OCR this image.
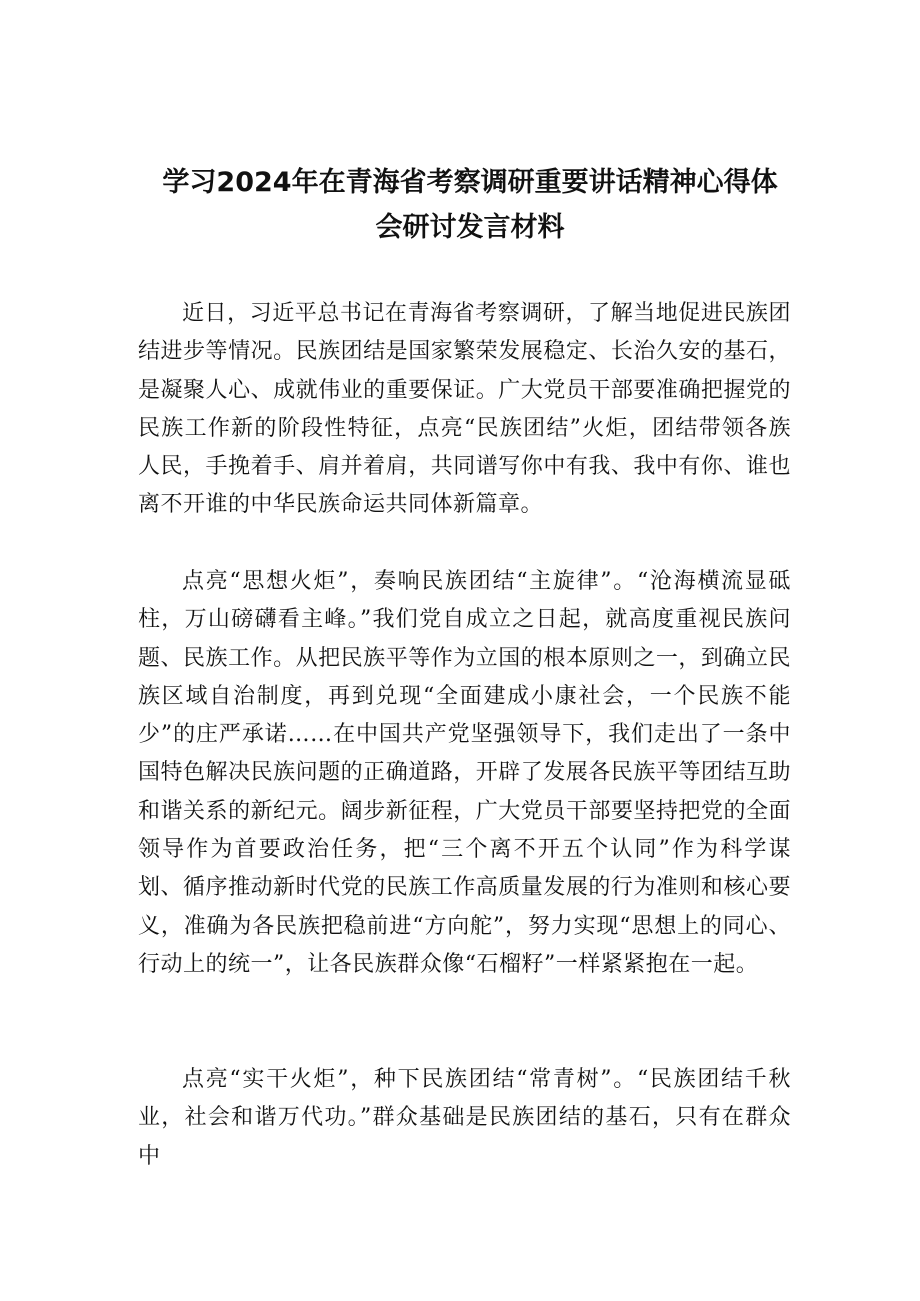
学习2024年在青海省考察调研重要讲话精神心得体会研讨发言材料

近日，习近平总书记在青海省考察调研，了解当地促进民族团结进步等情况。民族团结是国家繁荣发展稳定、长治久安的基石，是凝聚人心、成就伟业的重要保证。广大党员干部要准确把握党的民族工作新的阶段性特征，点亮“民族团结”火炬，团结带领各族人民，手挽着手、肩并着肩，共同谱写你中有我、我中有你、谁也离不开谁的中华民族命运共同体新篇章。

点亮“思想火炬”，奏响民族团结“主旋律”。“沧海横流显砥柱，万山磅礴看主峰。”我们党自成立之日起，就高度重视民族问题、民族工作。从把民族平等作为立国的根本原则之一，到确立民族区域自治制度，再到兑现“全面建成小康社会，一个民族不能少”的庄严承诺……在中国共产党坚强领导下，我们走出了一条中国特色解决民族问题的正确道路，开辟了发展各民族平等团结互助和谐关系的新纪元。阔步新征程，广大党员干部要坚持把党的全面领导作为首要政治任务，把“三个离不开五个认同”作为科学谋划、循序推动新时代党的民族工作高质量发展的行为准则和核心要义，准确为各民族把稳前进“方向舵”，努力实现“思想上的同心、行动上的统一”，让各民族群众像“石榴籽”一样紧紧抱在一起。

点亮“实干火炬”，种下民族团结“常青树”。“民族团结千秋业，社会和谐万代功。”群众基础是民族团结的基石，只有在群众中
